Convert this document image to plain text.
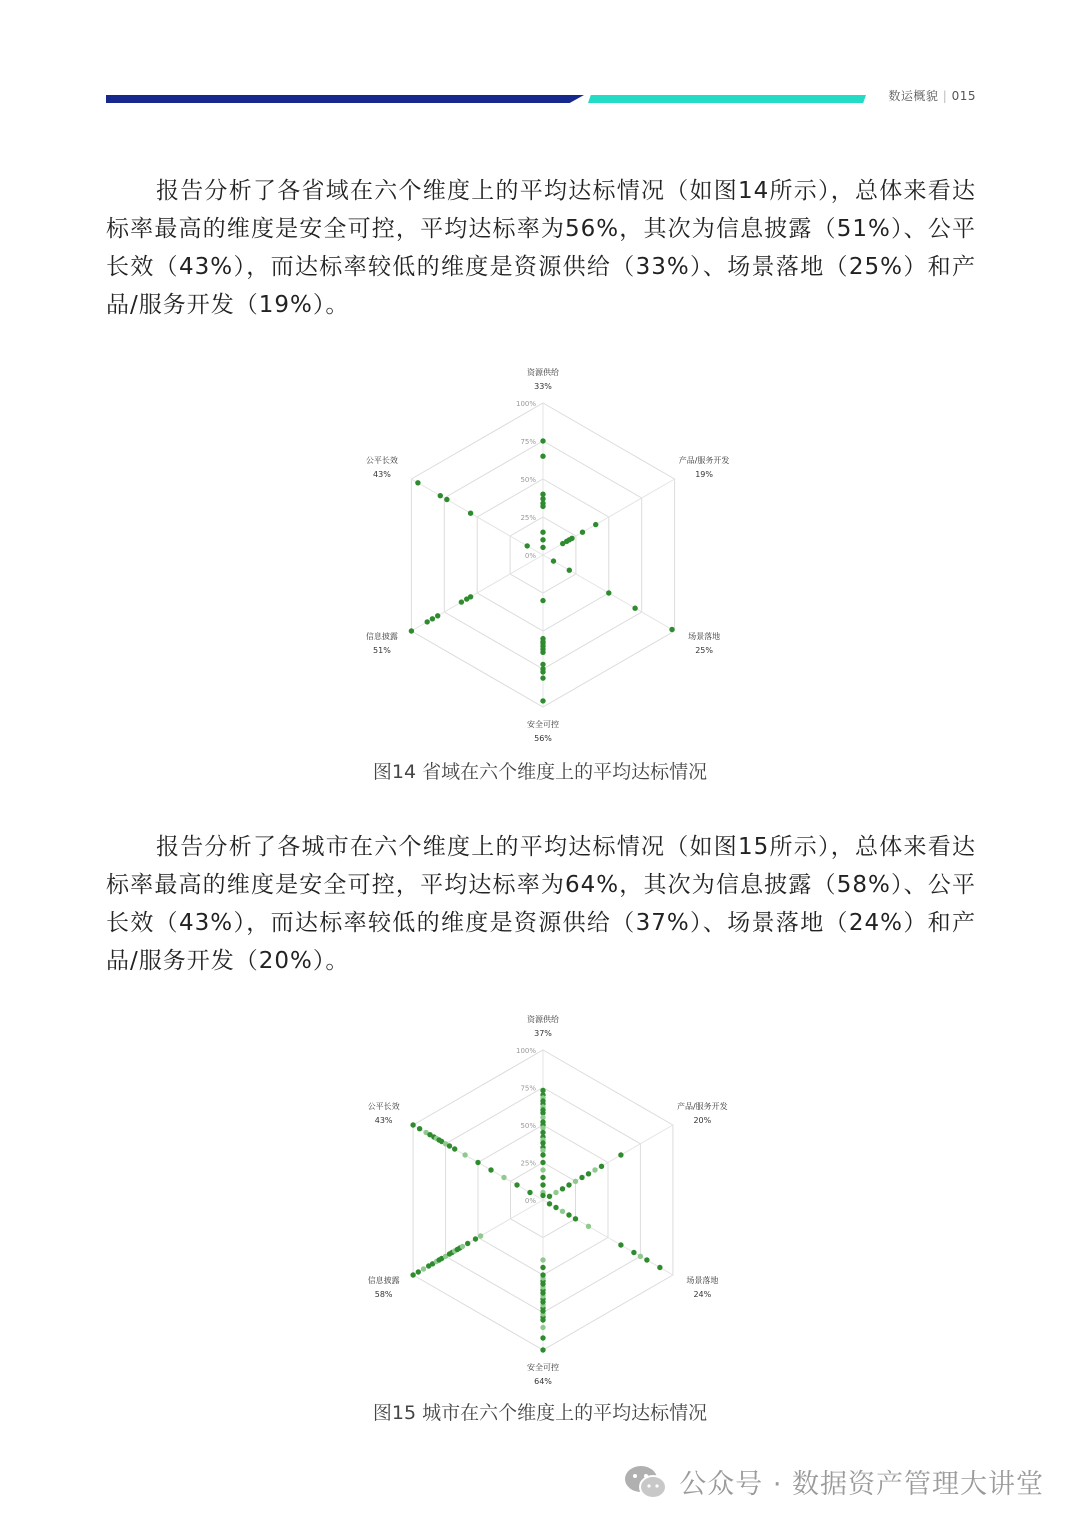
数运概貌 | 015

报告分析了各省域在六个维度上的平均达标情况（如图14所示），总体来看达标率最高的维度是安全可控，平均达标率为56%，其次为信息披露（51%）、公平长效（43%），而达标率较低的维度是资源供给（33%）、场景落地（25%）和产品/服务开发（19%）。

0%
25%
50%
75%
100%
资源供给
33%
产品/服务开发
19%
场景落地
25%
安全可控
56%
信息披露
51%
公平长效
43%
图14 省域在六个维度上的平均达标情况

报告分析了各城市在六个维度上的平均达标情况（如图15所示），总体来看达标率最高的维度是安全可控，平均达标率为64%，其次为信息披露（58%）、公平长效（43%），而达标率较低的维度是资源供给（37%）、场景落地（24%）和产品/服务开发（20%）。

0%
25%
50%
75%
100%
资源供给
37%
产品/服务开发
20%
场景落地
24%
安全可控
64%
信息披露
58%
公平长效
43%
图15 城市在六个维度上的平均达标情况
公众号 · 数据资产管理大讲堂
